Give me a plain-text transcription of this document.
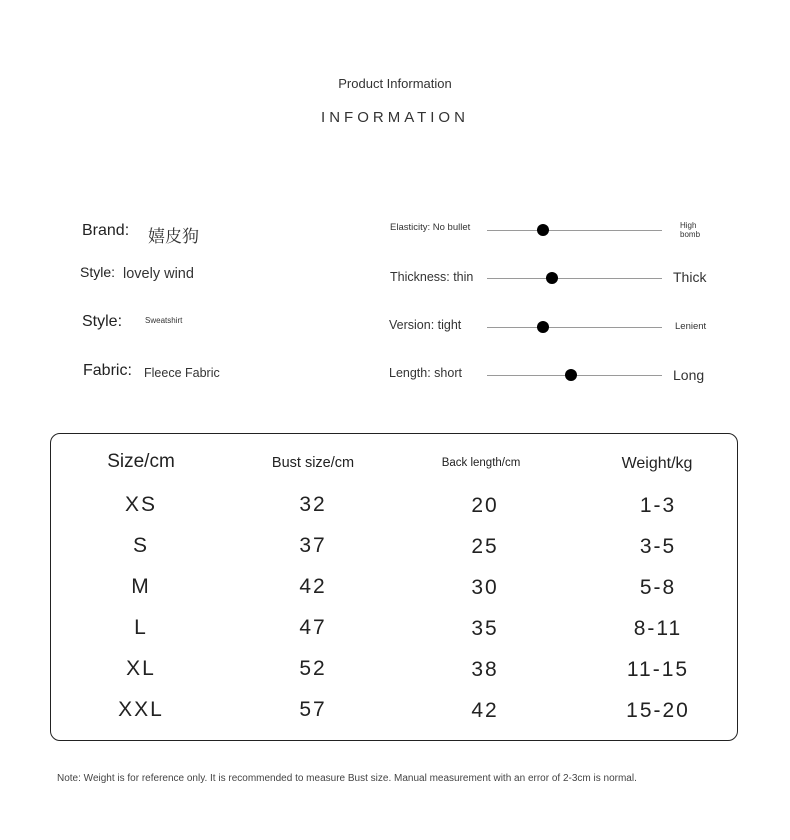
Product Information
INFORMATION
Brand: 嬉皮狗
Style: lovely wind
Style:	Sweatshirt
Fabric: Fleece Fabric
Elasticity: No bullet	High bomb
Thickness: thin	Thick
Version: tight	Lenient
Length: short	Long
Size/cm	Bust size/cm	Back length/cm	Weight/kg
XS	32	20	1-3
S	37	25	3-5
M	42	30	5-8
L	47	35	8-11
XL	52	38	11-15
XXL	57	42	15-20
Note: Weight is for reference only. It is recommended to measure Bust size. Manual measurement with an error of 2-3cm is normal.
